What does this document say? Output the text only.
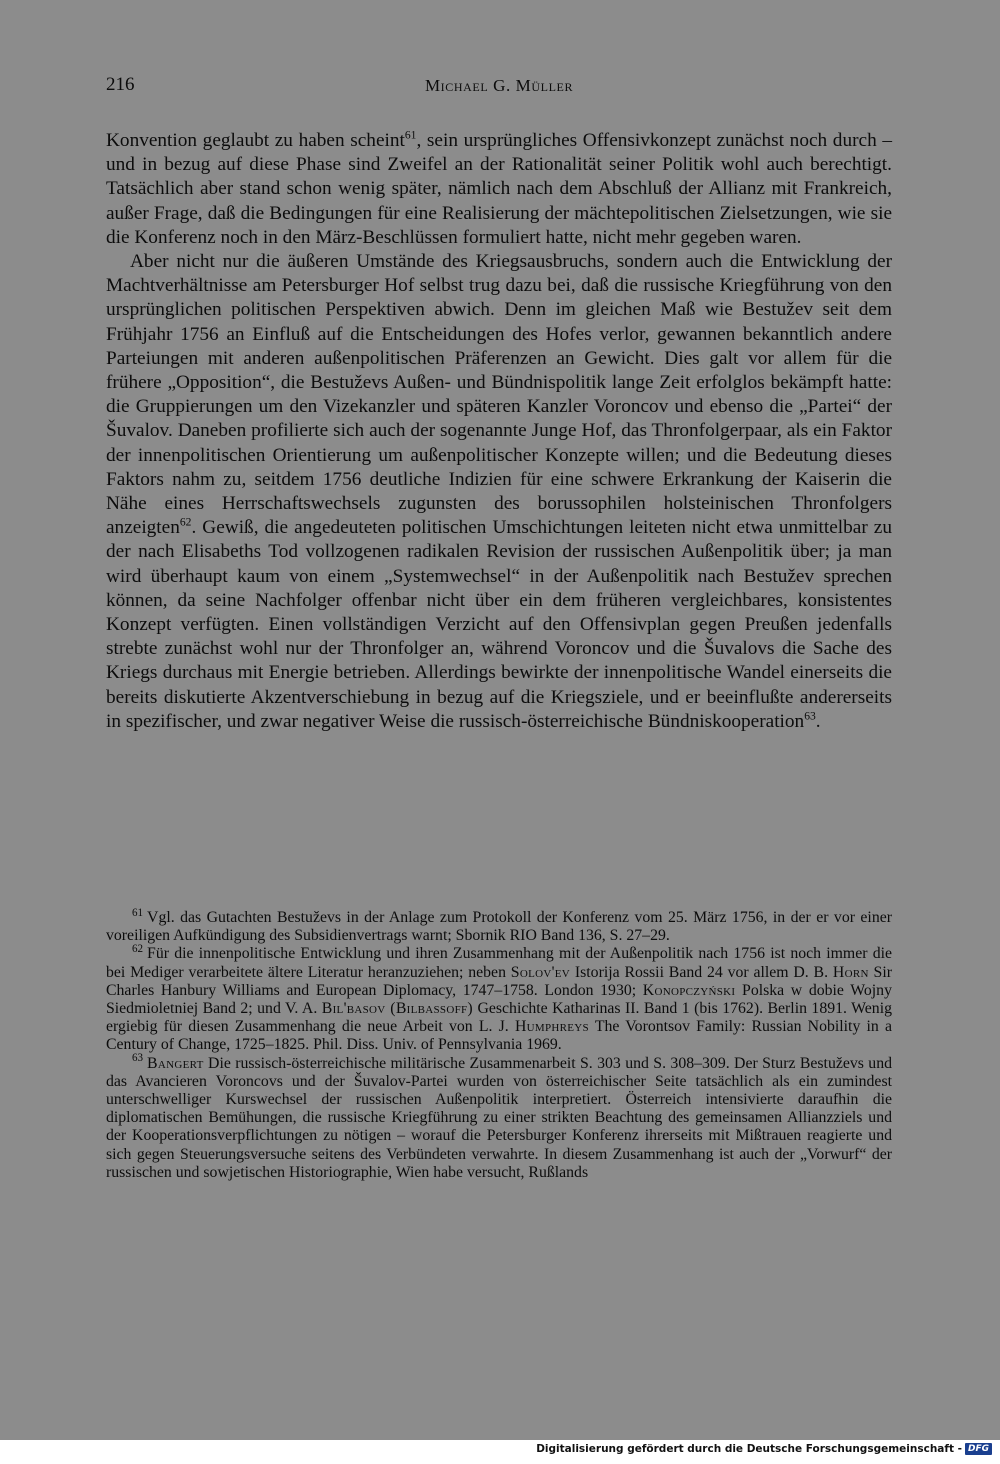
216	Michael G. Müller

Konvention geglaubt zu haben scheint$^{61}$, sein ursprüngliches Offensivkonzept zunächst noch durch – und in bezug auf diese Phase sind Zweifel an der Rationalität seiner Politik wohl auch berechtigt. Tatsächlich aber stand schon wenig später, nämlich nach dem Abschluß der Allianz mit Frankreich, außer Frage, daß die Bedingungen für eine Realisierung der mächtepolitischen Zielsetzungen, wie sie die Konferenz noch in den März-Beschlüssen formuliert hatte, nicht mehr gegeben waren.

Aber nicht nur die äußeren Umstände des Kriegsausbruchs, sondern auch die Entwicklung der Machtverhältnisse am Petersburger Hof selbst trug dazu bei, daß die russische Kriegführung von den ursprünglichen politischen Perspektiven abwich. Denn im gleichen Maß wie Bestužev seit dem Frühjahr 1756 an Einfluß auf die Entscheidungen des Hofes verlor, gewannen bekanntlich andere Parteiungen mit anderen außenpolitischen Präferenzen an Gewicht. Dies galt vor allem für die frühere „Opposition“, die Bestuževs Außen- und Bündnispolitik lange Zeit erfolglos bekämpft hatte: die Gruppierungen um den Vizekanzler und späteren Kanzler Voroncov und ebenso die „Partei“ der Šuvalov. Daneben profilierte sich auch der sogenannte Junge Hof, das Thronfolgerpaar, als ein Faktor der innenpolitischen Orientierung um außenpolitischer Konzepte willen; und die Bedeutung dieses Faktors nahm zu, seitdem 1756 deutliche Indizien für eine schwere Erkrankung der Kaiserin die Nähe eines Herrschaftswechsels zugunsten des borussophilen holsteinischen Thronfolgers anzeigten$^{62}$. Gewiß, die angedeuteten politischen Umschichtungen leiteten nicht etwa unmittelbar zu der nach Elisabeths Tod vollzogenen radikalen Revision der russischen Außenpolitik über; ja man wird überhaupt kaum von einem „Systemwechsel“ in der Außenpolitik nach Bestužev sprechen können, da seine Nachfolger offenbar nicht über ein dem früheren vergleichbares, konsistentes Konzept verfügten. Einen vollständigen Verzicht auf den Offensivplan gegen Preußen jedenfalls strebte zunächst wohl nur der Thronfolger an, während Voroncov und die Šuvalovs die Sache des Kriegs durchaus mit Energie betrieben. Allerdings bewirkte der innenpolitische Wandel einerseits die bereits diskutierte Akzentverschiebung in bezug auf die Kriegsziele, und er beeinflußte andererseits in spezifischer, und zwar negativer Weise die russisch-österreichische Bündniskooperation$^{63}$.

$^{61}$ Vgl. das Gutachten Bestuževs in der Anlage zum Protokoll der Konferenz vom 25. März 1756, in der er vor einer voreiligen Aufkündigung des Subsidienvertrags warnt; Sbornik RIO Band 136, S. 27–29.

$^{62}$ Für die innenpolitische Entwicklung und ihren Zusammenhang mit der Außenpolitik nach 1756 ist noch immer die bei Mediger verarbeitete ältere Literatur heranzuziehen; neben Solov'ev Istorija Rossii Band 24 vor allem D. B. Horn Sir Charles Hanbury Williams and European Diplomacy, 1747–1758. London 1930; Konopczyński Polska w dobie Wojny Siedmioletniej Band 2; und V. A. Bil'basov (Bilbassoff) Geschichte Katharinas II. Band 1 (bis 1762). Berlin 1891. Wenig ergiebig für diesen Zusammenhang die neue Arbeit von L. J. Humphreys The Vorontsov Family: Russian Nobility in a Century of Change, 1725–1825. Phil. Diss. Univ. of Pennsylvania 1969.

$^{63}$ Bangert Die russisch-österreichische militärische Zusammenarbeit S. 303 und S. 308–309. Der Sturz Bestuževs und das Avancieren Voroncovs und der Šuvalov-Partei wurden von österreichischer Seite tatsächlich als ein zumindest unterschwelliger Kurswechsel der russischen Außenpolitik interpretiert. Österreich intensivierte daraufhin die diplomatischen Bemühungen, die russische Kriegführung zu einer strikten Beachtung des gemeinsamen Allianzziels und der Kooperationsverpflichtungen zu nötigen – worauf die Petersburger Konferenz ihrerseits mit Mißtrauen reagierte und sich gegen Steuerungsversuche seitens des Verbündeten verwahrte. In diesem Zusammenhang ist auch der „Vorwurf“ der russischen und sowjetischen Historiographie, Wien habe versucht, Rußlands

Digitalisierung gefördert durch die Deutsche Forschungsgemeinschaft - DFG
